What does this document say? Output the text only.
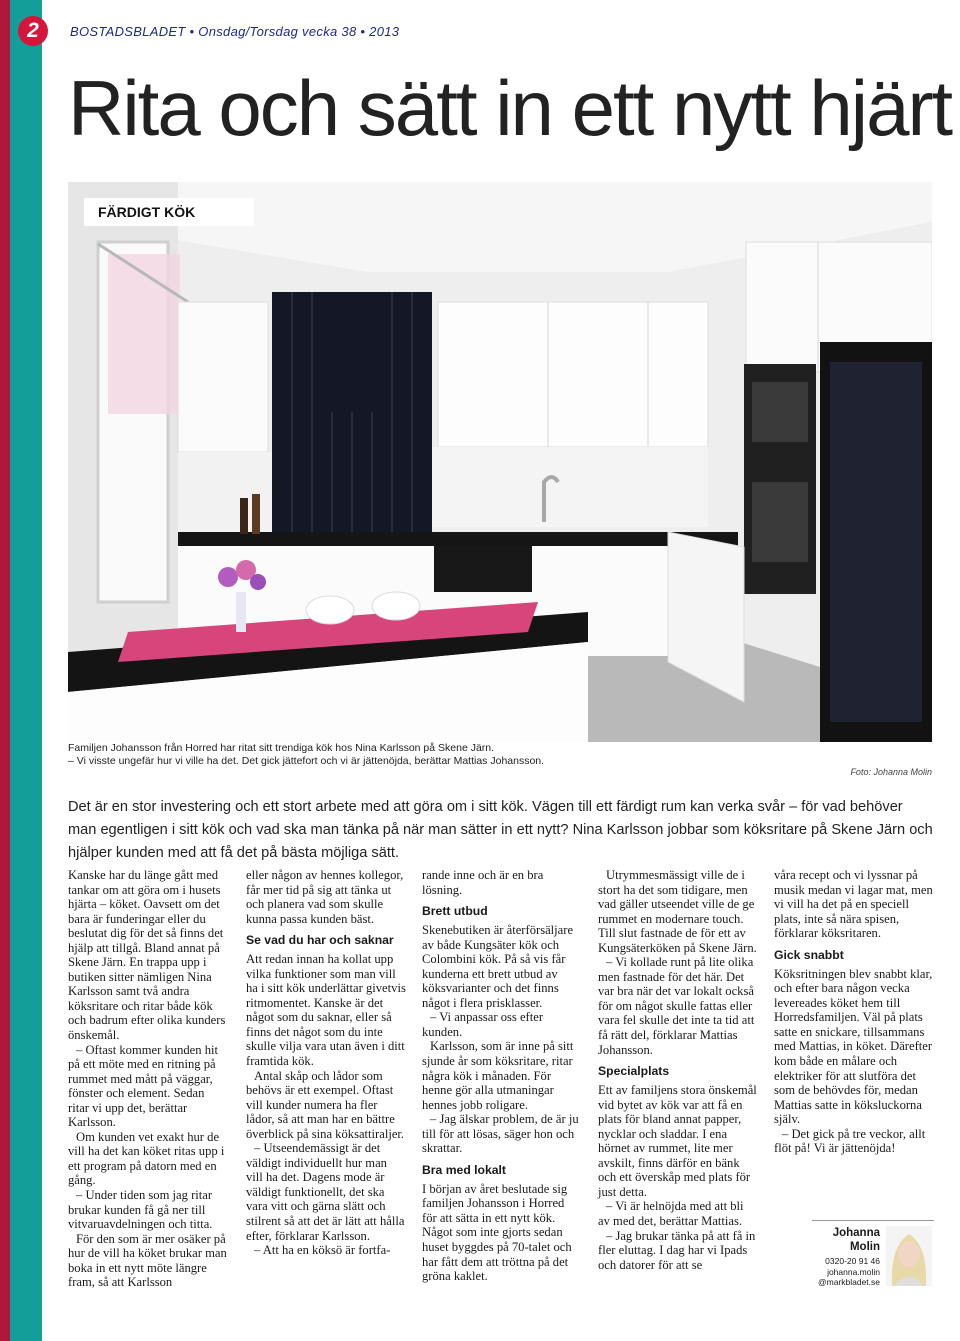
2	BOSTADSBLADET • Onsdag/Torsdag vecka 38 • 2013
Rita och sätt in ett nytt hjärt
FÄRDIGT KÖK
Familjen Johansson från Horred har ritat sitt trendiga kök hos Nina Karlsson på Skene Järn.
– Vi visste ungefär hur vi ville ha det. Det gick jättefort och vi är jättenöjda, berättar Mattias Johansson.
Foto: Johanna Molin
Det är en stor investering och ett stort arbete med att göra om i sitt kök. Vägen till ett färdigt rum kan verka svår – för vad behöver man egentligen i sitt kök och vad ska man tänka på när man sätter in ett nytt? Nina Karlsson jobbar som köksritare på Skene Järn och hjälper kunden med att få det på bästa möjliga sätt.

Kanske har du länge gått med tankar om att göra om i husets hjärta – köket. Oavsett om det bara är funderingar eller du beslutat dig för det så finns det hjälp att tillgå. Bland annat på Skene Järn. En trappa upp i butiken sitter nämligen Nina Karlsson samt två andra köksritare och ritar både kök och badrum efter olika kunders önskemål.

– Oftast kommer kunden hit på ett möte med en ritning på rummet med mått på väggar, fönster och element. Sedan ritar vi upp det, berättar Karlsson.

Om kunden vet exakt hur de vill ha det kan köket ritas upp i ett program på datorn med en gång.

– Under tiden som jag ritar brukar kunden få gå ner till vitvaruavdelningen och titta.

För den som är mer osäker på hur de vill ha köket brukar man boka in ett nytt möte längre fram, så att Karlsson

eller någon av hennes kollegor, får mer tid på sig att tänka ut och planera vad som skulle kunna passa kunden bäst.

Se vad du har och saknar

Att redan innan ha kollat upp vilka funktioner som man vill ha i sitt kök underlättar givetvis ritmomentet. Kanske är det något som du saknar, eller så finns det något som du inte skulle vilja vara utan även i ditt framtida kök.

Antal skåp och lådor som behövs är ett exempel. Oftast vill kunder numera ha fler lådor, så att man har en bättre överblick på sina köksattiraljer.

– Utseendemässigt är det väldigt individuellt hur man vill ha det. Dagens mode är väldigt funktionellt, det ska vara vitt och gärna slätt och stilrent så att det är lätt att hålla efter, förklarar Karlsson.

– Att ha en köksö är fortfa-

rande inne och är en bra lösning.

Brett utbud

Skenebutiken är återförsäljare av både Kungsäter kök och Colombini kök. På så vis får kunderna ett brett utbud av köksvarianter och det finns något i flera prisklasser.

– Vi anpassar oss efter kunden.

Karlsson, som är inne på sitt sjunde år som köksritare, ritar några kök i månaden. För henne gör alla utmaningar hennes jobb roligare.

– Jag älskar problem, de är ju till för att lösas, säger hon och skrattar.

Bra med lokalt

I början av året beslutade sig familjen Johansson i Horred för att sätta in ett nytt kök. Något som inte gjorts sedan huset byggdes på 70-talet och har fått dem att tröttna på det gröna kaklet.

Utrymmesmässigt ville de i stort ha det som tidigare, men vad gäller utseendet ville de ge rummet en modernare touch. Till slut fastnade de för ett av Kungsäterköken på Skene Järn.

– Vi kollade runt på lite olika men fastnade för det här. Det var bra när det var lokalt också för om något skulle fattas eller vara fel skulle det inte ta tid att få rätt del, förklarar Mattias Johansson.

Specialplats

Ett av familjens stora önskemål vid bytet av kök var att få en plats för bland annat papper, nycklar och sladdar. I ena hörnet av rummet, lite mer avskilt, finns därför en bänk och ett överskåp med plats för just detta.

– Vi är helnöjda med att bli av med det, berättar Mattias.

– Jag brukar tänka på att få in fler eluttag. I dag har vi Ipads och datorer för att se

våra recept och vi lyssnar på musik medan vi lagar mat, men vi vill ha det på en speciell plats, inte så nära spisen, förklarar köksritaren.

Gick snabbt

Köksritningen blev snabbt klar, och efter bara någon vecka levereades köket hem till Horredsfamiljen. Väl på plats satte en snickare, tillsammans med Mattias, in köket. Därefter kom både en målare och elektriker för att slutföra det som de behövdes för, medan Mattias satte in köksluckorna själv.

– Det gick på tre veckor, allt flöt på! Vi är jättenöjda!

Johanna Molin
0320-20 91 46
johanna.molin
@markbladet.se
